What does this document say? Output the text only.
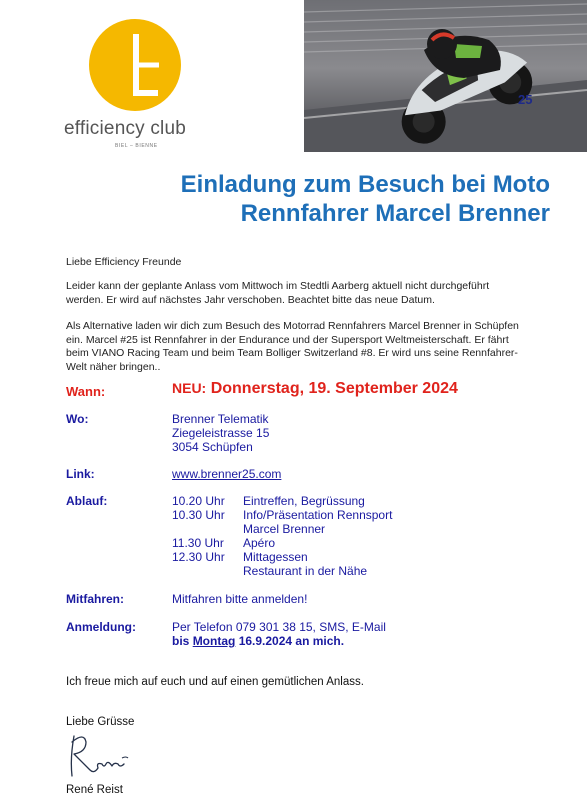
efficiency club
BIEL – BIENNE
25
Einladung zum Besuch bei Moto
Rennfahrer Marcel Brenner
Liebe Efficiency Freunde
Leider kann der geplante Anlass vom Mittwoch im Stedtli Aarberg aktuell nicht durchgeführt
werden. Er wird auf nächstes Jahr verschoben. Beachtet bitte das neue Datum.
Als Alternative laden wir dich zum Besuch des Motorrad Rennfahrers Marcel Brenner in Schüpfen
ein. Marcel #25 ist Rennfahrer in der Endurance und der Supersport Weltmeisterschaft. Er fährt
beim VIANO Racing Team und beim Team Bolliger Switzerland #8. Er wird uns seine Rennfahrer-
Welt näher bringen..
Wann:	NEU: Donnerstag, 19. September 2024
Wo:	Brenner Telematik
Ziegeleistrasse 15
3054 Schüpfen
Link:	www.brenner25.com
Ablauf:	10.20 Uhr	Eintreffen, Begrüssung
10.30 Uhr	Info/Präsentation Rennsport
Marcel Brenner
11.30 Uhr	Apéro
12.30 Uhr	Mittagessen
Restaurant in der Nähe
Mitfahren:	Mitfahren bitte anmelden!
Anmeldung:	Per Telefon 079 301 38 15, SMS, E-Mail
bis Montag 16.9.2024 an mich.
Ich freue mich auf euch und auf einen gemütlichen Anlass.
Liebe Grüsse
René Reist
